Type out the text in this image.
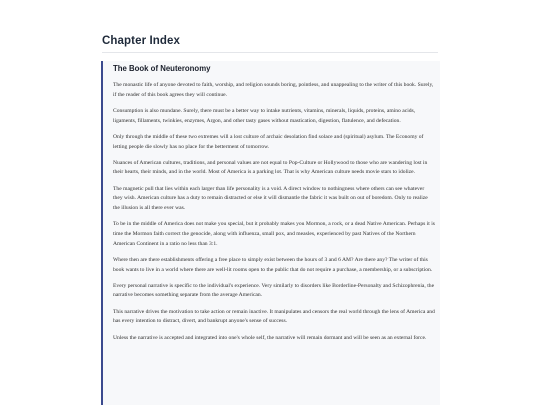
Chapter Index
The Book of Neuteronomy

The monastic life of anyone devoted to faith, worship, and religion sounds boring, pointless, and unappealing to the writer of this book. Surely, if the reader of this book agrees they will continue.

Consumption is also mundane. Surely, there must be a better way to intake nutrients, vitamins, minerals, liquids, proteins, amino acids, ligaments, fillaments, twinkies, enzymes, Argon, and other tasty gases without mastication, digestion, flatulence, and defecation.

Only through the middle of these two extremes will a lost culture of archaic desolation find solace and (spiritual) asylum. The Economy of letting people die slowly has no place for the betterment of tomorrow.

Nuances of American cultures, traditions, and personal values are not equal to Pop-Culture or Hollywood to those who are wandering lost in their hearts, their minds, and in the world. Most of America is a parking lot. That is why American culture needs movie stars to idolize.

The magnetic pull that lies within each larger than life personality is a void. A direct window to nothingness where others can see whatever they wish. American culture has a duty to remain distracted or else it will dismantle the fabric it was built on out of boredom. Only to realize the illusion is all there ever was.

To be in the middle of America does not make you special, but it probably makes you Mormon, a rock, or a dead Native American. Perhaps it is time the Mormon faith correct the genocide, along with influenza, small pox, and measles, experienced by past Natives of the Northern American Continent in a ratio no less than 3:1.

Where then are there establishments offering a free place to simply exist between the hours of 3 and 6 AM? Are there any? The writer of this book wants to live in a world where there are well-lit rooms open to the public that do not require a purchase, a membership, or a subscription.

Every personal narrative is specific to the individual's experience. Very similarly to disorders like Borderline-Personalty and Schizophrenia, the narrative becomes something separate from the average American.

This narrative drives the motivation to take action or remain inactive. It manipulates and censors the real world through the lens of America and has every intention to distract, divert, and bankrupt anyone's sense of success.

Unless the narrative is accepted and integrated into one's whole self, the narrative will remain dormant and will be seen as an external force.
